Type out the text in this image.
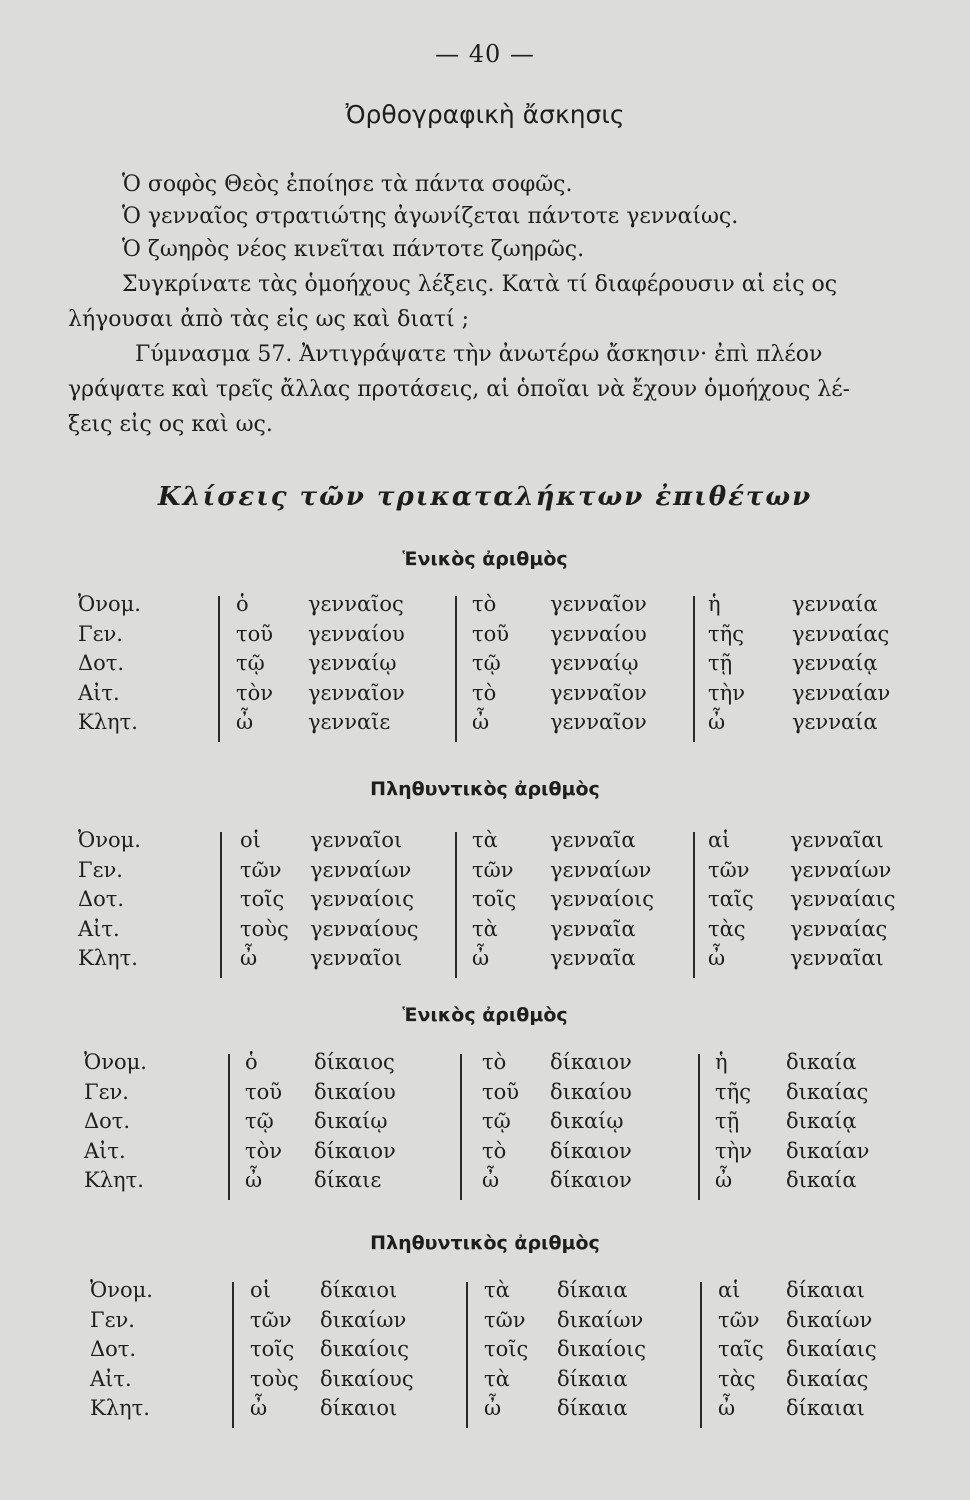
— 40 —
Ὀρθογραφικὴ ἄσκησις
Ὁ σοφὸς Θεὸς ἐποίησε τὰ πάντα σοφῶς.
Ὁ γενναῖος στρατιώτης ἀγωνίζεται πάντοτε γενναίως.
Ὁ ζωηρὸς νέος κινεῖται πάντοτε ζωηρῶς.
Συγκρίνατε τὰς ὁμοήχους λέξεις. Κατὰ τί διαφέρουσιν αἱ εἰς ος
λήγουσαι ἀπὸ τὰς εἰς ως καὶ διατί ;
Γύμνασμα 57. Ἀντιγράψατε τὴν ἀνωτέρω ἄσκησιν· ἐπὶ πλέον
γράψατε καὶ τρεῖς ἄλλας προτάσεις, αἱ ὁποῖαι νὰ ἔχουν ὁμοήχους λέ-
ξεις εἰς ος καὶ ως.
Κλίσεις τῶν τρικαταλήκτων ἐπιθέτων
Ἑνικὸς ἀριθμὸς
Ὀνομ.	ὁ	γενναῖος	τὸ	γενναῖον	ἡ	γενναία
Γεν.	τοῦ γενναίου	τοῦ γενναίου	τῆς γενναίας
Δοτ.	τῷ γενναίῳ	τῷ γενναίῳ	τῇ	γενναίᾳ
Αἰτ.	τὸν γενναῖον	τὸ	γενναῖον	τὴν γενναίαν
Κλητ.	ὦ	γενναῖε	ὦ	γενναῖον	ὦ	γενναία
Πληθυντικὸς ἀριθμὸς
Ὀνομ.	οἱ γενναῖοι	τὰ γενναῖα	αἱ	γενναῖαι
Γεν.	τῶν γενναίων	τῶν γενναίων	τῶν γενναίων
Δοτ.	τοῖς γενναίοις	τοῖς γενναίοις	ταῖς γενναίαις
Αἰτ.	τοὺς γενναίους	τὰ γενναῖα	τὰς γενναίας
Κλητ.	ὦ	γενναῖοι	ὦ	γενναῖα	ὦ	γενναῖαι
Ἑνικὸς ἀριθμὸς
Ὀνομ.	ὁ	δίκαιος	τὸ δίκαιον	ἡ	δικαία
Γεν.	τοῦ δικαίου	τοῦ δικαίου	τῆς δικαίας
Δοτ.	τῷ δικαίῳ	τῷ δικαίῳ	τῇ δικαίᾳ
Αἰτ.	τὸν δίκαιον	τὸ δίκαιον	τὴν δικαίαν
Κλητ.	ὦ δίκαιε	ὦ δίκαιον	ὦ	δικαία
Πληθυντικὸς ἀριθμὸς
Ὀνομ.	οἱ δίκαιοι	τὰ δίκαια	αἱ δίκαιαι
Γεν.	τῶν δικαίων	τῶν δικαίων	τῶν δικαίων
Δοτ.	τοῖς δικαίοις	τοῖς δικαίοις	ταῖς δικαίαις
Αἰτ.	τοὺς δικαίους	τὰ δίκαια	τὰς δικαίας
Κλητ.	ὦ	δίκαιοι	ὦ	δίκαια	ὦ δίκαιαι
